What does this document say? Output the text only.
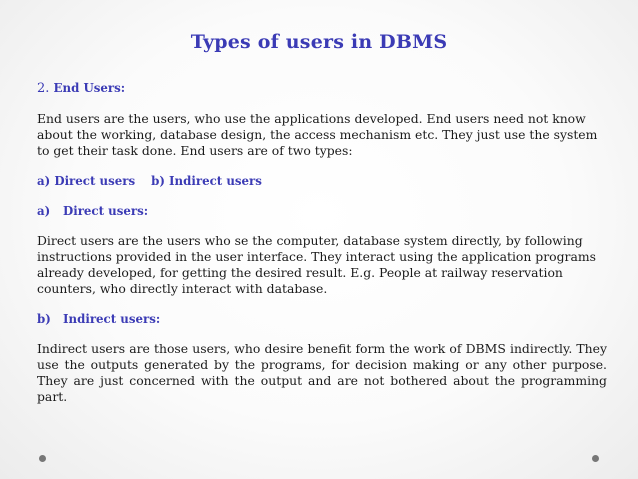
Types of users in DBMS

2. End Users:

End users are the users, who use the applications developed. End users need not know about the working, database design, the access mechanism etc. They just use the system to get their task done. End users are of two types:

a) Direct users b) Indirect users

a) Direct users:

Direct users are the users who se the computer, database system directly, by following instructions provided in the user interface. They interact using the application programs already developed, for getting the desired result. E.g. People at railway reservation counters, who directly interact with database.

b) Indirect users:

Indirect users are those users, who desire benefit form the work of DBMS indirectly. They use the outputs generated by the programs, for decision making or any other purpose. They are just concerned with the output and are not bothered about the programming part.
